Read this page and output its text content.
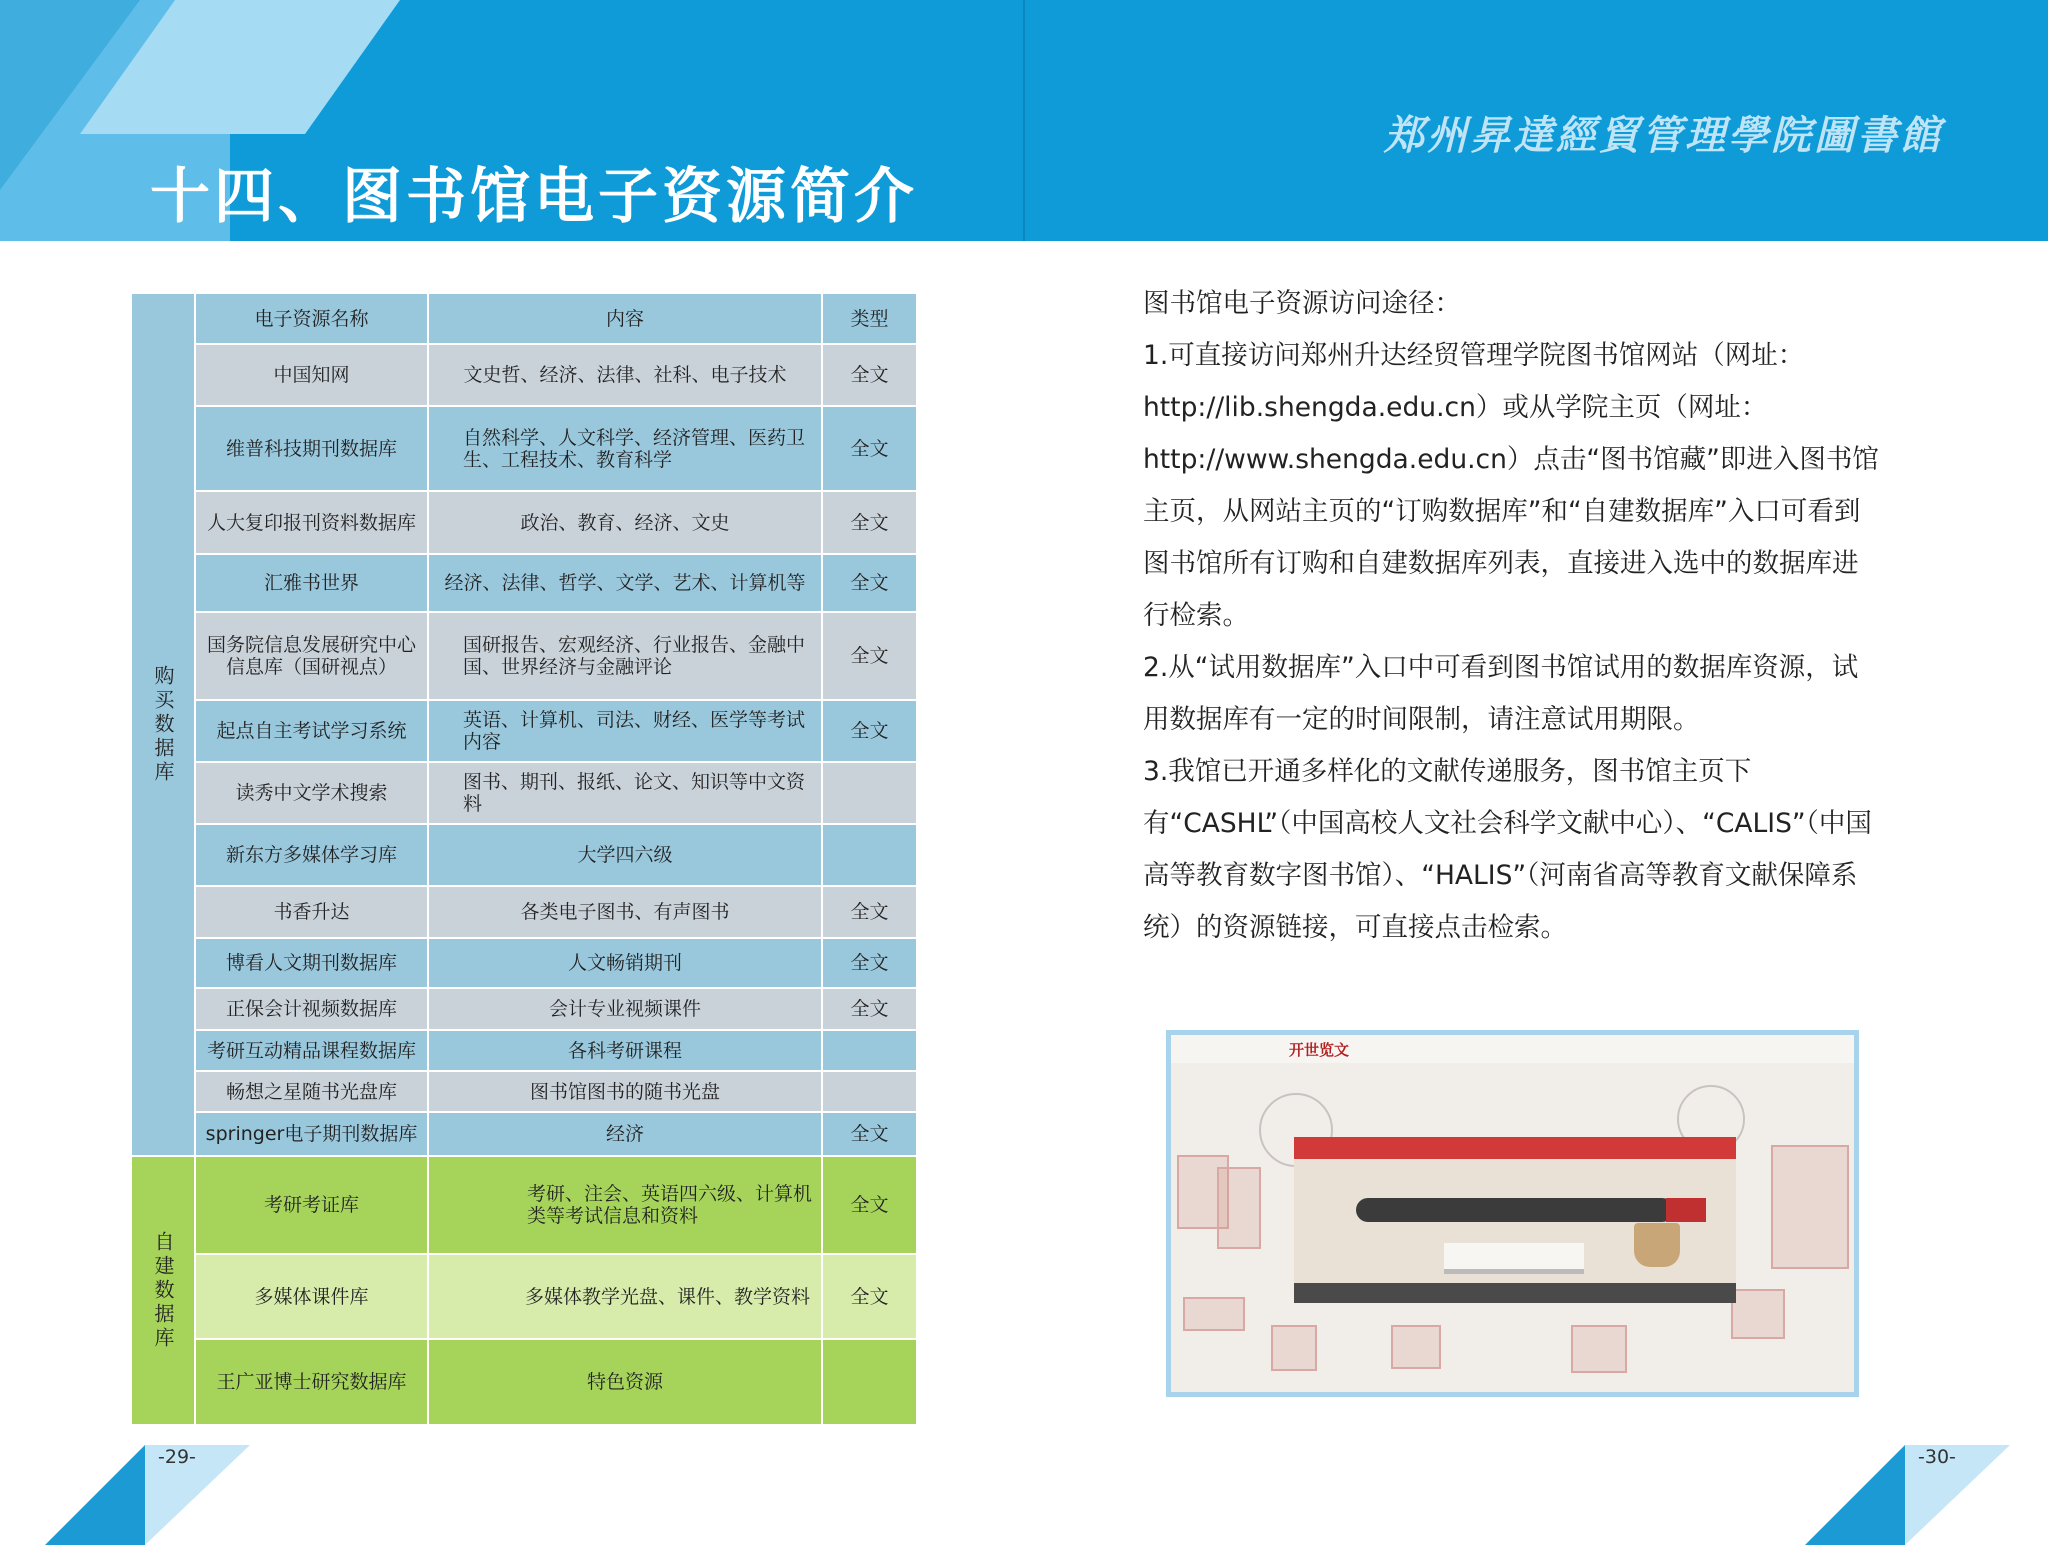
十四、图书馆电子资源简介
郑州昇達經貿管理學院圖書館
购买数据库	电子资源名称	内容	类型
	中国知网	文史哲、经济、法律、社科、电子技术	全文
	维普科技期刊数据库	自然科学、人文科学、经济管理、医药卫生、工程技术、教育科学	全文
	人大复印报刊资料数据库	政治、教育、经济、文史	全文
	汇雅书世界	经济、法律、哲学、文学、艺术、计算机等	全文
	国务院信息发展研究中心信息库（国研视点）	国研报告、宏观经济、行业报告、金融中国、世界经济与金融评论	全文
	起点自主考试学习系统	英语、计算机、司法、财经、医学等考试内容	全文
	读秀中文学术搜索	图书、期刊、报纸、论文、知识等中文资料	
	新东方多媒体学习库	大学四六级	
	书香升达	各类电子图书、有声图书	全文
	博看人文期刊数据库	人文畅销期刊	全文
	正保会计视频数据库	会计专业视频课件	全文
	考研互动精品课程数据库	各科考研课程	
	畅想之星随书光盘库	图书馆图书的随书光盘	
	springer电子期刊数据库	经济	全文
自建数据库	考研考证库	考研、注会、英语四六级、计算机类等考试信息和资料	全文
	多媒体课件库	多媒体教学光盘、课件、教学资料	全文
	王广亚博士研究数据库	特色资源	

图书馆电子资源访问途径：

1.可直接访问郑州升达经贸管理学院图书馆网站（网址：http://lib.shengda.edu.cn）或从学院主页（网址：http://www.shengda.edu.cn）点击“图书馆藏”即进入图书馆主页，从网站主页的“订购数据库”和“自建数据库”入口可看到图书馆所有订购和自建数据库列表，直接进入选中的数据库进行检索。

2.从“试用数据库”入口中可看到图书馆试用的数据库资源，试用数据库有一定的时间限制，请注意试用期限。

3.我馆已开通多样化的文献传递服务，图书馆主页下有“CASHL”（中国高校人文社会科学文献中心）、“CALIS”（中国高等教育数字图书馆）、“HALIS”（河南省高等教育文献保障系统）的资源链接，可直接点击检索。

开世览文
-29-	-30-
